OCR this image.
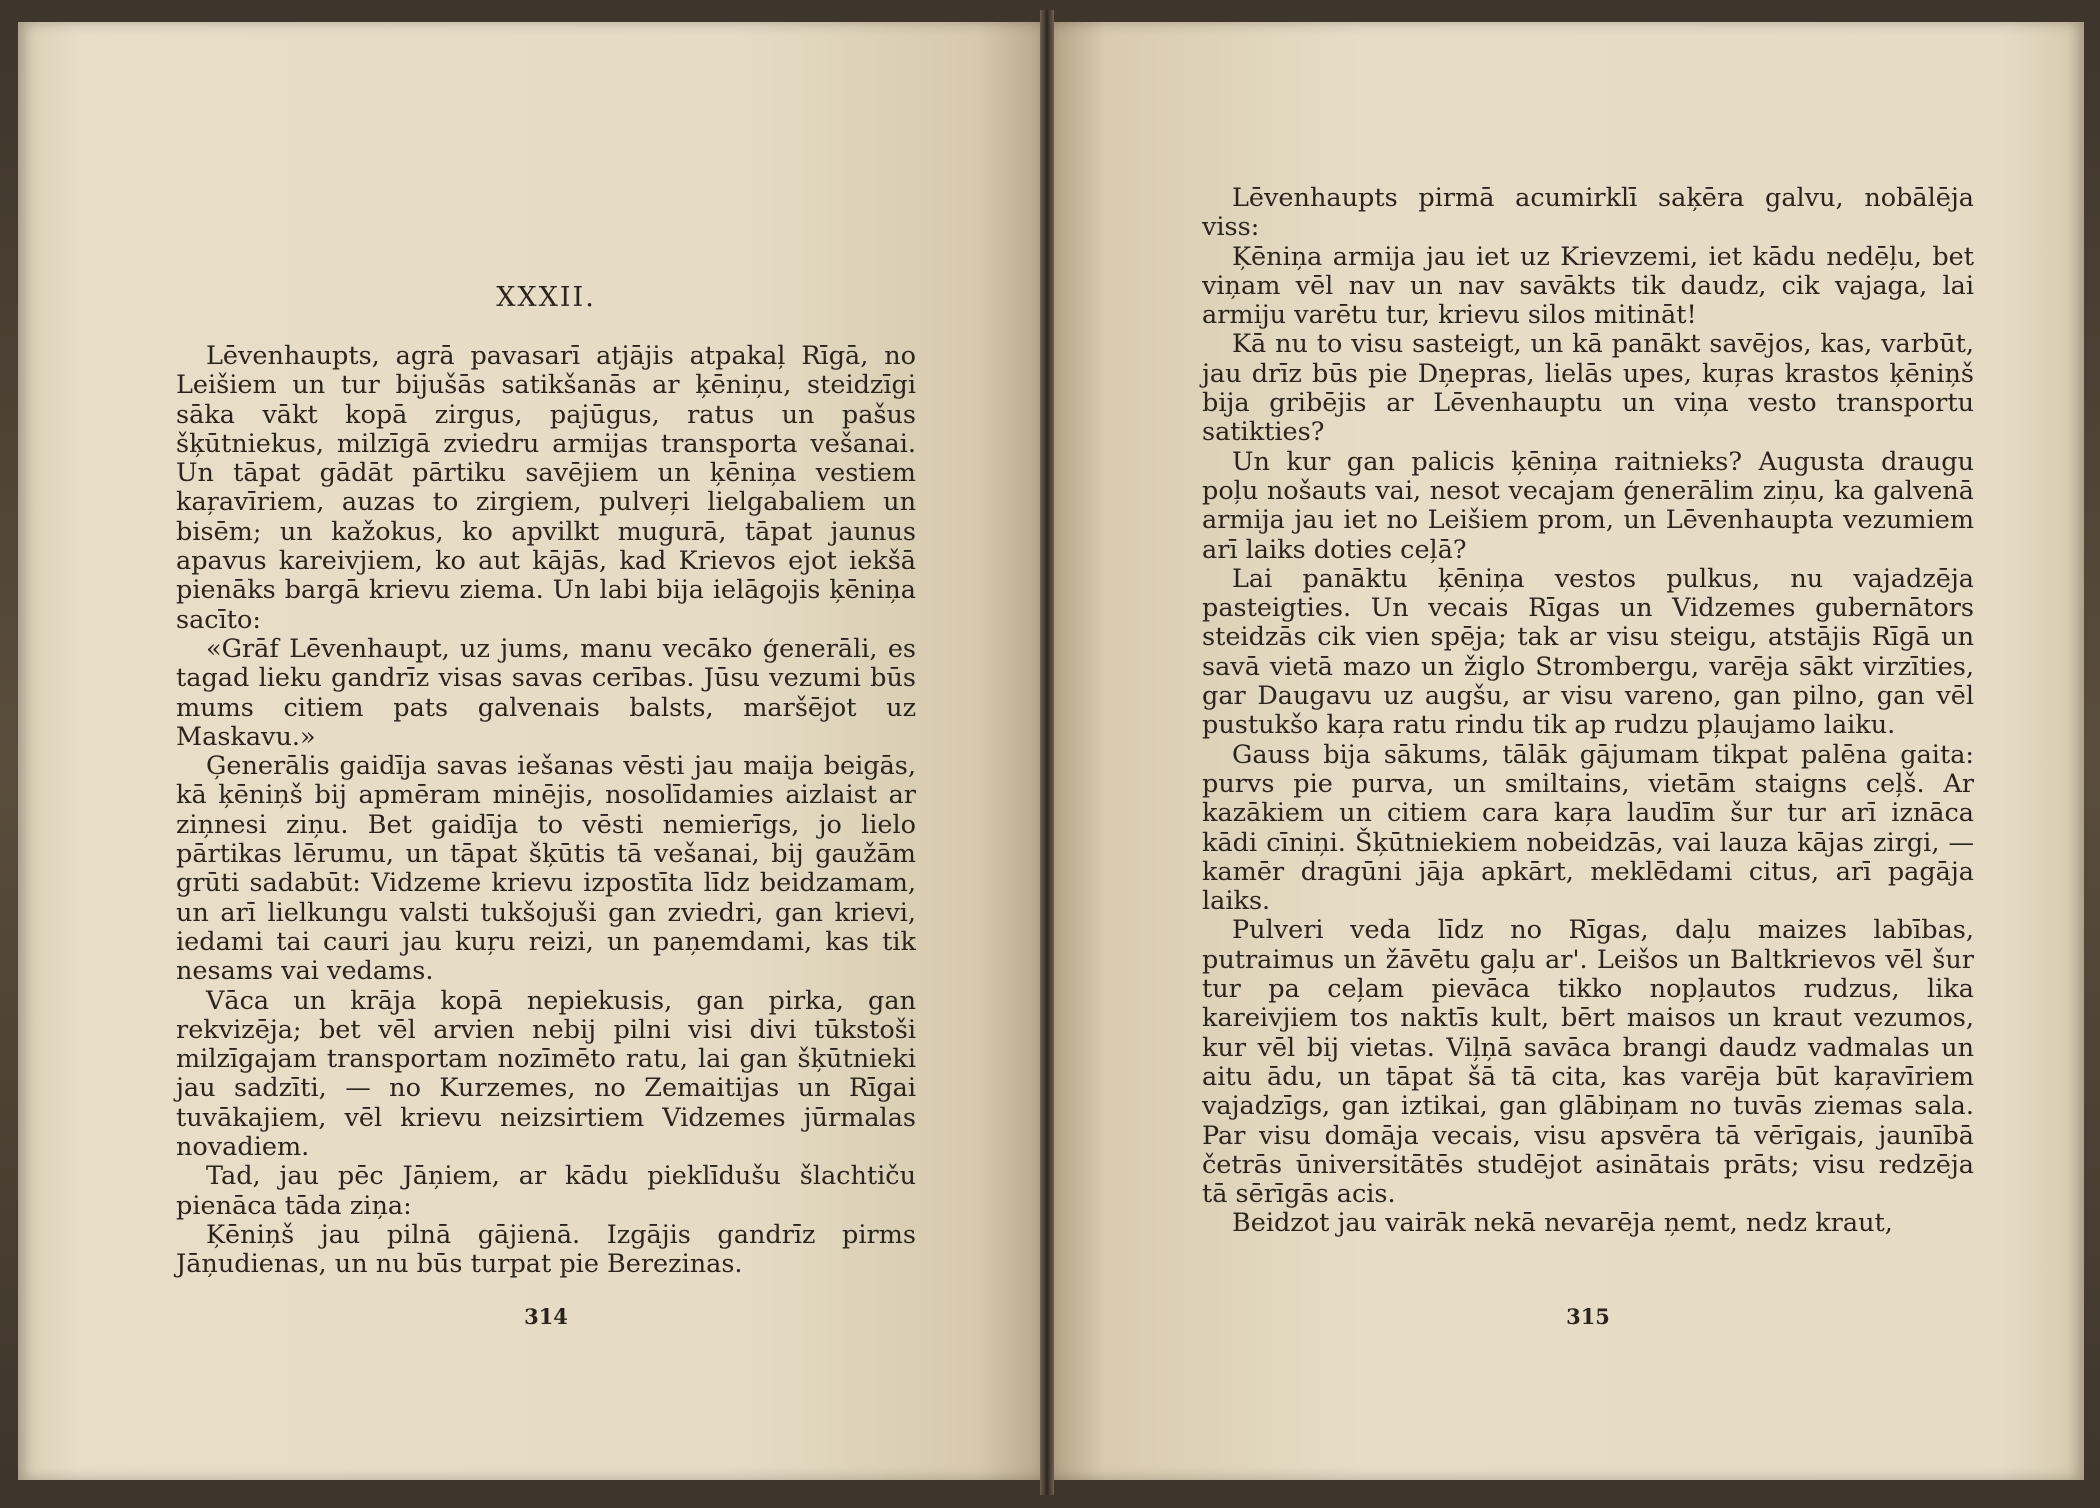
XXXII.

Lēvenhaupts, agrā pavasarī atjājis atpakaļ Rīgā, no Leišiem un tur bijušās satikšanās ar ķēniņu, steidzīgi sāka vākt kopā zirgus, pajūgus, ratus un pašus šķūtniekus, milzīgā zviedru armijas transporta vešanai. Un tāpat gādāt pārtiku savējiem un ķēniņa vestiem kaŗavīriem, auzas to zirgiem, pulveŗi lielgabaliem un bisēm; un kažokus, ko apvilkt mugurā, tāpat jaunus apavus kareivjiem, ko aut kājās, kad Krievos ejot iekšā pienāks bargā krievu ziema. Un labi bija ielāgojis ķēniņa sacīto:

«Grāf Lēvenhaupt, uz jums, manu vecāko ģenerāli, es tagad lieku gandrīz visas savas cerības. Jūsu vezumi būs mums citiem pats galvenais balsts, maršējot uz Maskavu.»

Ģenerālis gaidīja savas iešanas vēsti jau maija beigās, kā ķēniņš bij apmēram minējis, nosolīdamies aizlaist ar ziņnesi ziņu. Bet gaidīja to vēsti nemierīgs, jo lielo pārtikas lērumu, un tāpat šķūtis tā vešanai, bij gaužām grūti sadabūt: Vidzeme krievu izpostīta līdz beidzamam, un arī lielkungu valsti tukšojuši gan zviedri, gan krievi, iedami tai cauri jau kuŗu reizi, un paņemdami, kas tik nesams vai vedams.

Vāca un krāja kopā nepiekusis, gan pirka, gan rekvizēja; bet vēl arvien nebij pilni visi divi tūkstoši milzīgajam transportam nozīmēto ratu, lai gan šķūtnieki jau sadzīti, — no Kurzemes, no Zemaitijas un Rīgai tuvākajiem, vēl krievu neizsirtiem Vidzemes jūrmalas novadiem.

Tad, jau pēc Jāņiem, ar kādu pieklīdušu šlachtiču pienāca tāda ziņa:

Ķēniņš jau pilnā gājienā. Izgājis gandrīz pirms Jāņudienas, un nu būs turpat pie Berezinas.

314

Lēvenhaupts pirmā acumirklī saķēra galvu, nobālēja viss:

Ķēniņa armija jau iet uz Krievzemi, iet kādu nedēļu, bet viņam vēl nav un nav savākts tik daudz, cik vajaga, lai armiju varētu tur, krievu silos mitināt!

Kā nu to visu sasteigt, un kā panākt savējos, kas, varbūt, jau drīz būs pie Dņepras, lielās upes, kuŗas krastos ķēniņš bija gribējis ar Lēvenhauptu un viņa vesto transportu satikties?

Un kur gan palicis ķēniņa raitnieks? Augusta draugu poļu nošauts vai, nesot vecajam ģenerālim ziņu, ka galvenā armija jau iet no Leišiem prom, un Lēvenhaupta vezumiem arī laiks doties ceļā?

Lai panāktu ķēniņa vestos pulkus, nu vajadzēja pasteigties. Un vecais Rīgas un Vidzemes gubernātors steidzās cik vien spēja; tak ar visu steigu, atstājis Rīgā un savā vietā mazo un žiglo Strombergu, varēja sākt virzīties, gar Daugavu uz augšu, ar visu vareno, gan pilno, gan vēl pustukšo kaŗa ratu rindu tik ap rudzu pļaujamo laiku.

Gauss bija sākums, tālāk gājumam tikpat palēna gaita: purvs pie purva, un smiltains, vietām staigns ceļš. Ar kazākiem un citiem cara kaŗa laudīm šur tur arī iznāca kādi cīniņi. Šķūtniekiem nobeidzās, vai lauza kājas zirgi, — kamēr dragūni jāja apkārt, meklēdami citus, arī pagāja laiks.

Pulveri veda līdz no Rīgas, daļu maizes labības, putraimus un žāvētu gaļu ar'. Leišos un Baltkrievos vēl šur tur pa ceļam pievāca tikko nopļautos rudzus, lika kareivjiem tos naktīs kult, bērt maisos un kraut vezumos, kur vēl bij vietas. Viļņā savāca brangi daudz vadmalas un aitu ādu, un tāpat šā tā cita, kas varēja būt kaŗavīriem vajadzīgs, gan iztikai, gan glābiņam no tuvās ziemas sala. Par visu domāja vecais, visu apsvēra tā vērīgais, jaunībā četrās ūniversitātēs studējot asinātais prāts; visu redzēja tā sērīgās acis.

Beidzot jau vairāk nekā nevarēja ņemt, nedz kraut,

315
